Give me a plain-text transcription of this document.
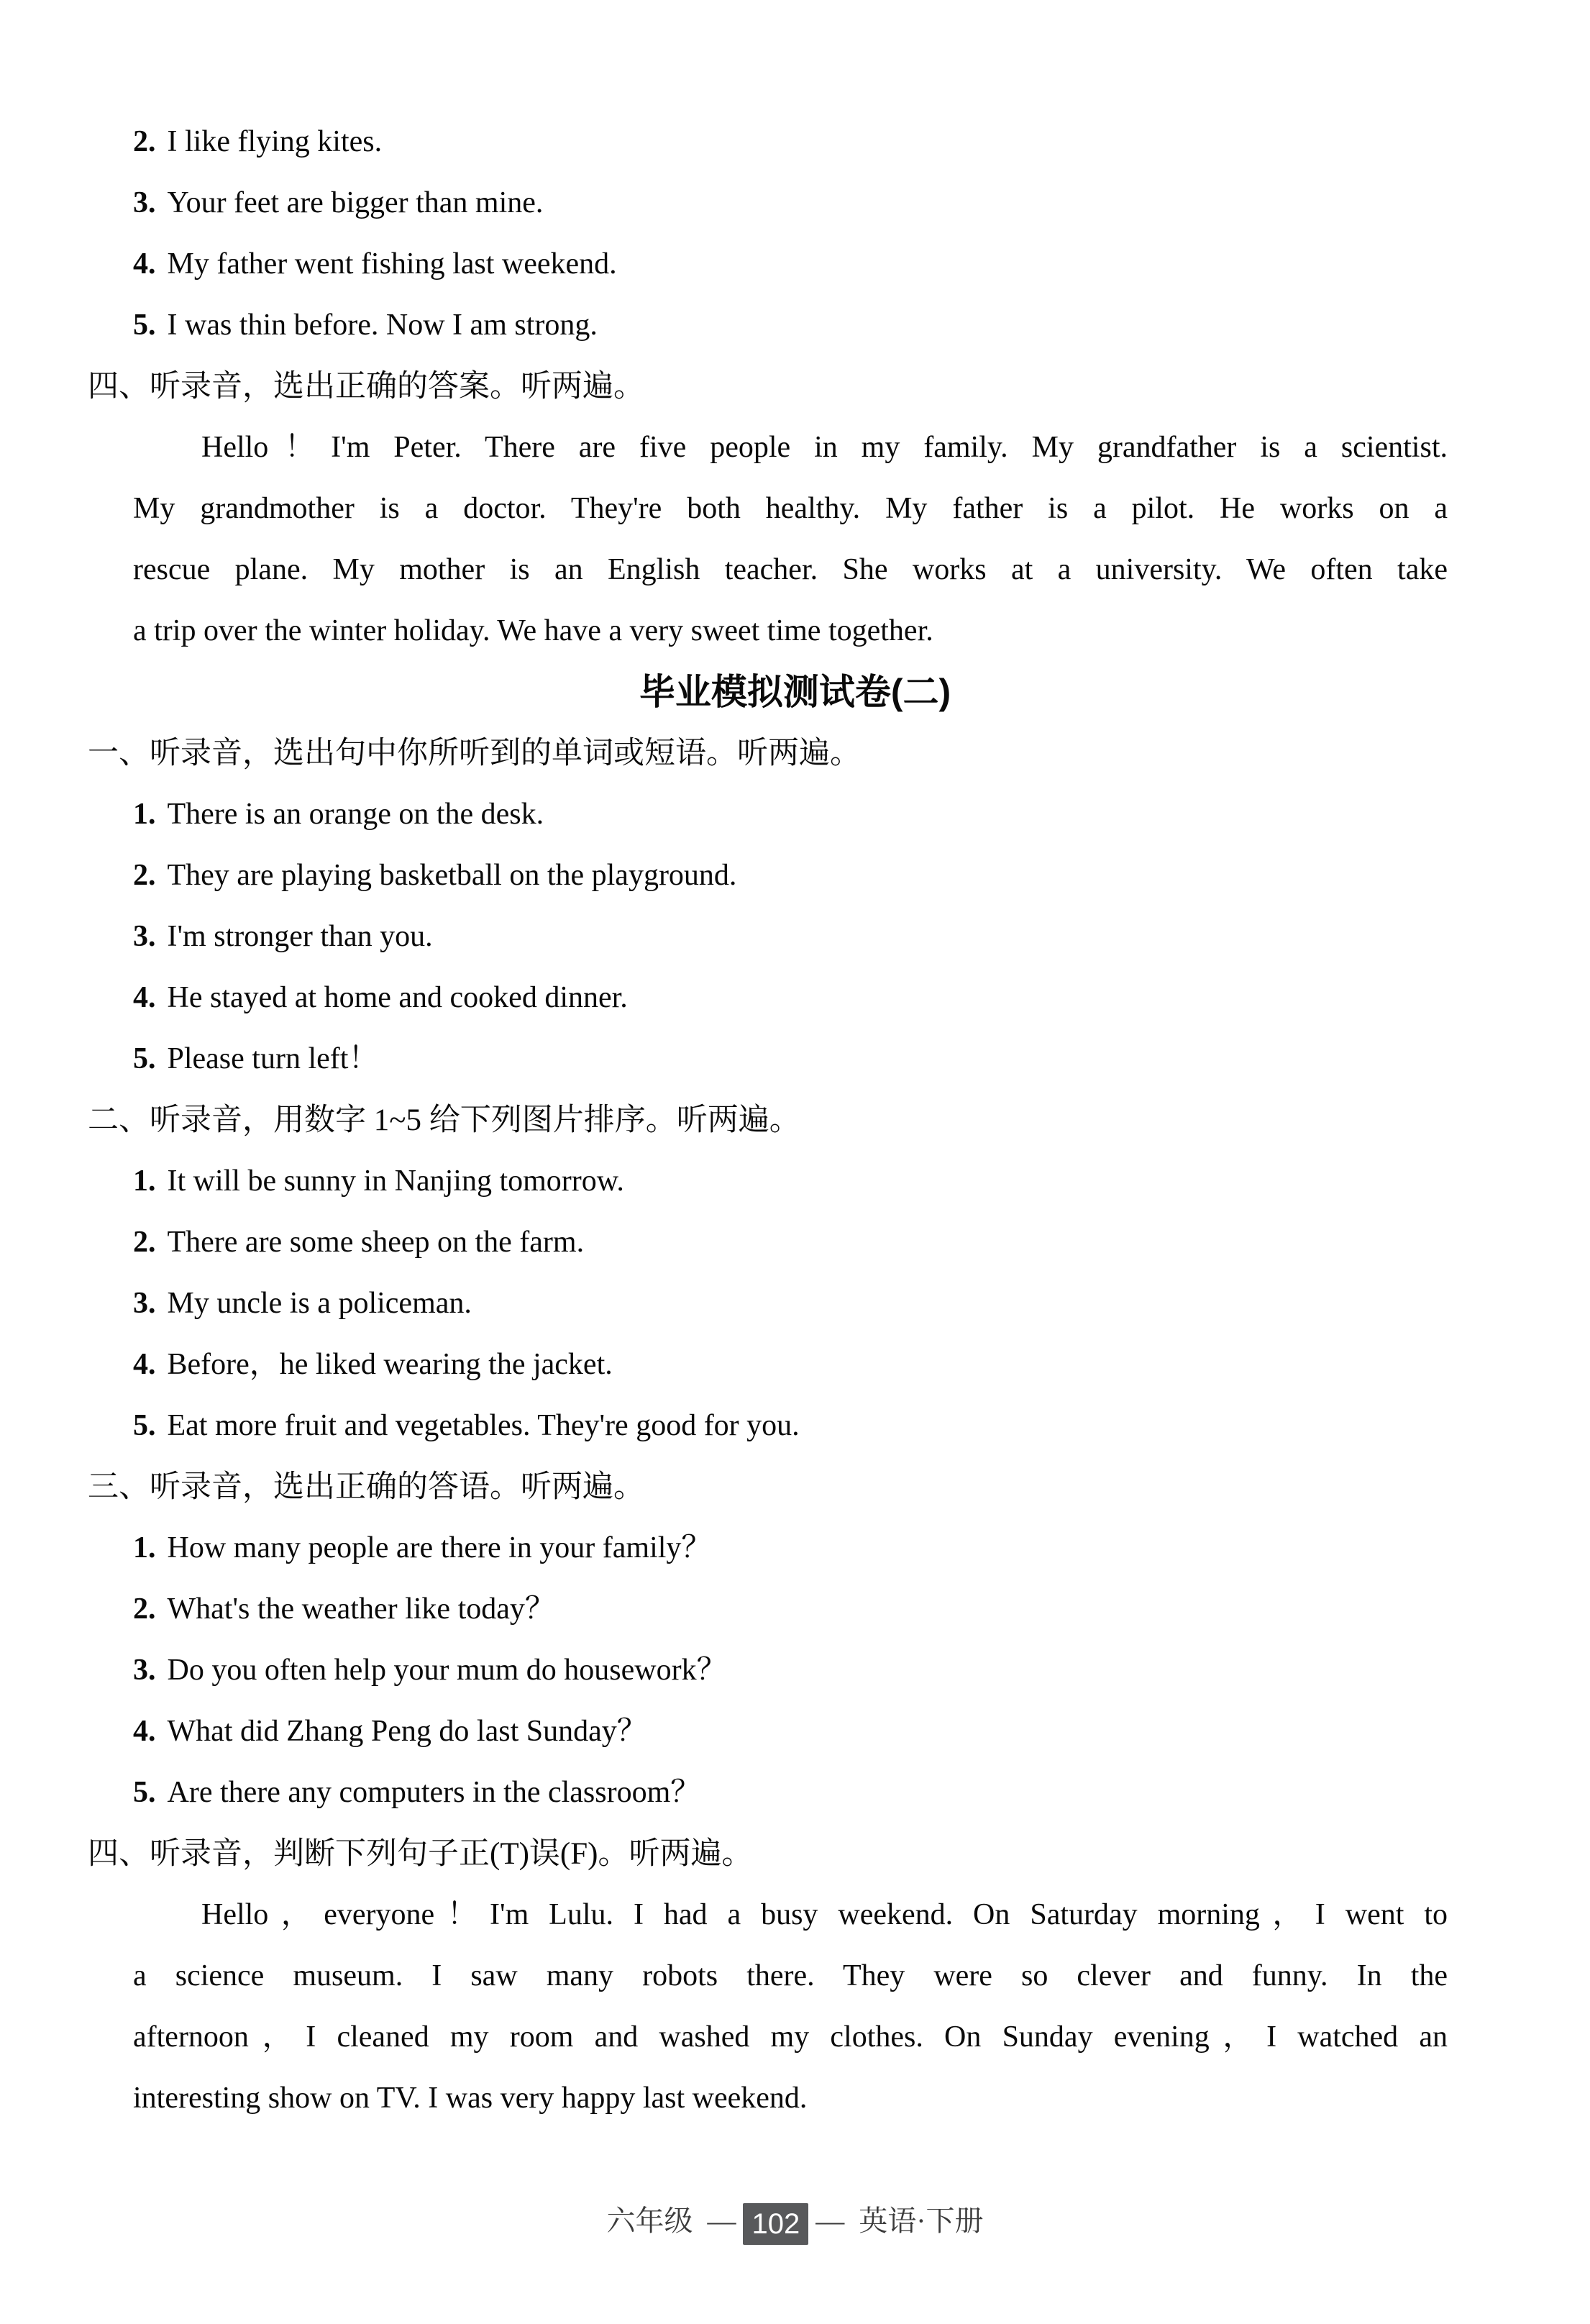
2. I like flying kites.
3. Your feet are bigger than mine.
4. My father went fishing last weekend.
5. I was thin before. Now I am strong.
四、听录音，选出正确的答案。听两遍。
Hello！I'm Peter. There are five people in my family. My grandfather is a scientist.
My grandmother is a doctor. They're both healthy. My father is a pilot. He works on a
rescue plane. My mother is an English teacher. She works at a university. We often take
a trip over the winter holiday. We have a very sweet time together.
毕业模拟测试卷(二)
一、听录音，选出句中你所听到的单词或短语。听两遍。
1. There is an orange on the desk.
2. They are playing basketball on the playground.
3. I'm stronger than you.
4. He stayed at home and cooked dinner.
5. Please turn left！
二、听录音，用数字 1~5 给下列图片排序。听两遍。
1. It will be sunny in Nanjing tomorrow.
2. There are some sheep on the farm.
3. My uncle is a policeman.
4. Before，he liked wearing the jacket.
5. Eat more fruit and vegetables. They're good for you.
三、听录音，选出正确的答语。听两遍。
1. How many people are there in your family？
2. What's the weather like today？
3. Do you often help your mum do housework？
4. What did Zhang Peng do last Sunday？
5. Are there any computers in the classroom？
四、听录音，判断下列句子正(T)误(F)。听两遍。
Hello，everyone！I'm Lulu. I had a busy weekend. On Saturday morning，I went to
a science museum. I saw many robots there. They were so clever and funny. In the
afternoon，I cleaned my room and washed my clothes. On Sunday evening，I watched an
interesting show on TV. I was very happy last weekend.
六年级 — 102 — 英语·下册
